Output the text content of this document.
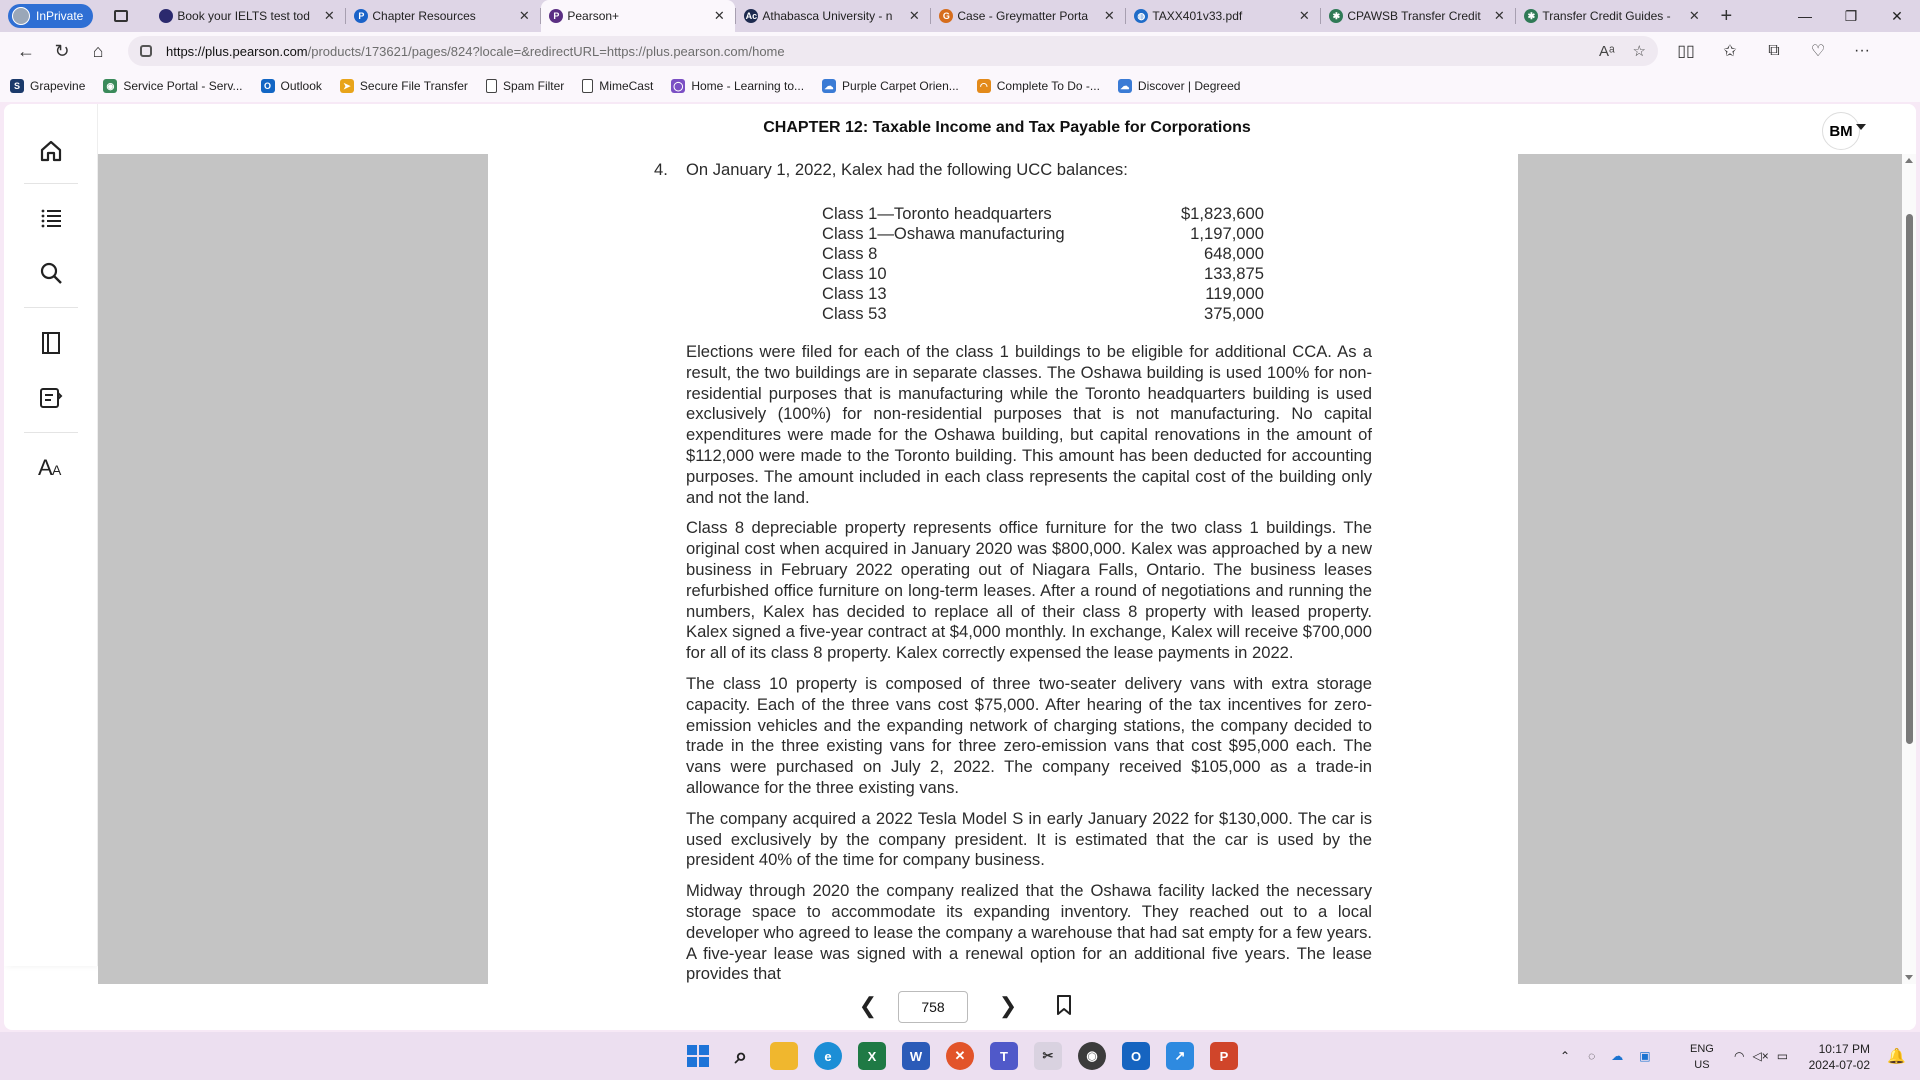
InPrivate	Book your IELTS test tod	✕	P Chapter Resources	✕	P Pearson+	✕ Ac Athabasca University - n	✕	G Case - Greymatter Porta	✕	◍ TAXX401v33.pdf	✕	✱ CPAWSB Transfer Credit	✕	✱ Transfer Credit Guides -	✕	+	—	❐	✕
←	↻	⌂	https://plus.pearson.com /products/173621/pages/824?locale=&redirectURL=https://plus.pearson.com/home	Aᵃ ☆	▯▯	✩	⧉	♡	···
S Grapevine	◉ Service Portal - Serv...	O Outlook	➤ Secure File Transfer	Spam Filter	MimeCast ◯ Home - Learning to... ☁ Purple Carpet Orien...	◠ Complete To Do -... ☁ Discover | Degreed
A A
CHAPTER 12: Taxable Income and Tax Payable for Corporations	BM
4. On January 1, 2022, Kalex had the following UCC balances:
Class 1—Toronto headquarters	$1,823,600
Class 1—Oshawa manufacturing	1,197,000
Class 8	648,000
Class 10	133,875
Class 13	119,000
Class 53	375,000

Elections were filed for each of the class 1 buildings to be eligible for additional CCA. As a result, the two buildings are in separate classes. The Oshawa building is used 100% for non-residential purposes that is manufacturing while the Toronto headquarters building is used exclusively (100%) for non-residential purposes that is not manufacturing. No capital expenditures were made for the Oshawa building, but capital renovations in the amount of $112,000 were made to the Toronto building. This amount has been deducted for accounting purposes. The amount included in each class represents the capital cost of the building only and not the land.

Class 8 depreciable property represents office furniture for the two class 1 buildings. The original cost when acquired in January 2020 was $800,000. Kalex was approached by a new business in February 2022 operating out of Niagara Falls, Ontario. The business leases refurbished office furniture on long-term leases. After a round of negotiations and running the numbers, Kalex has decided to replace all of their class 8 property with leased property. Kalex signed a five-year contract at $4,000 monthly. In exchange, Kalex will receive $700,000 for all of its class 8 property. Kalex correctly expensed the lease payments in 2022.

The class 10 property is composed of three two-seater delivery vans with extra storage capacity. Each of the three vans cost $75,000. After hearing of the tax incentives for zero-emission vehicles and the expanding network of charging stations, the company decided to trade in the three existing vans for three zero-emission vans that cost $95,000 each. The vans were purchased on July 2, 2022. The company received $105,000 as a trade-in allowance for the three existing vans.

The company acquired a 2022 Tesla Model S in early January 2022 for $130,000. The car is used exclusively by the company president. It is estimated that the car is used by the president 40% of the time for company business.

Midway through 2020 the company realized that the Oshawa facility lacked the necessary storage space to accommodate its expanding inventory. They reached out to a local developer who agreed to lease the company a warehouse that had sat empty for a few years. A five-year lease was signed with a renewal option for an additional five years. The lease provides that

❮	758	❯
⌕	e	X	W	✕	T	✂	◉	O	↗	P	⌃ ◌ ☁ ▣	ENG
US
◠ ◁× ▭	10:17 PM
2024-07-02 🔔
